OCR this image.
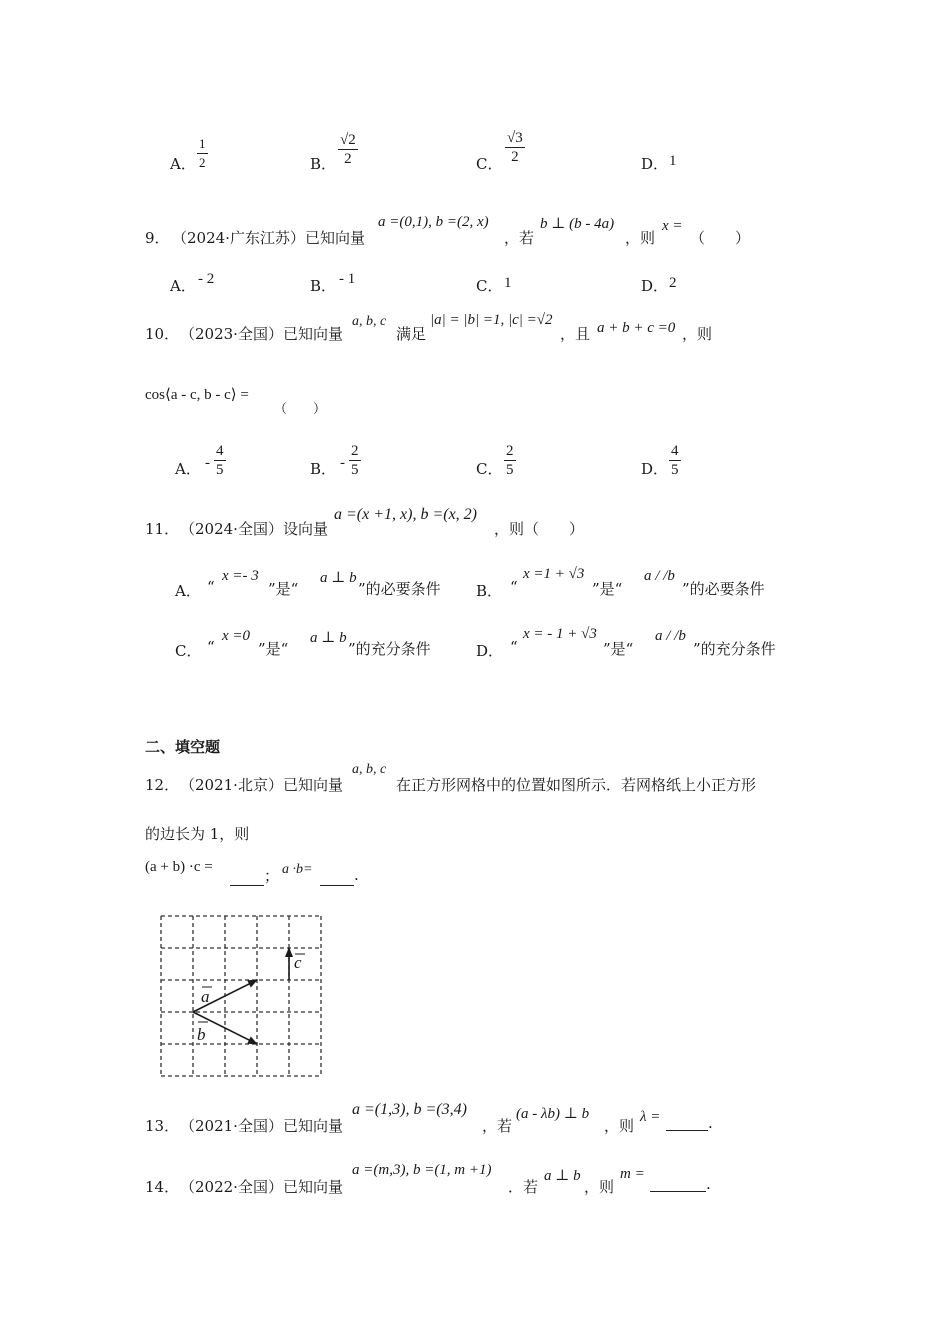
A． $\frac{1}{2}$	B． $\frac{√2}{2}$	C． $\frac{√3}{2}$	D． 1
9． （2024·广东江苏）已知向量
a =(0,1), b =(2, x)
，若
b ⊥ (b - 4a)
，则
x =
（　　）
A． - 2	B． - 1	C． 1	D． 2
10． （2023·全国）已知向量
a, b, c
满足
|a| = |b| =1, |c| =√2
，且 a + b + c =0 ，则
cos⟨a - c, b - c⟩ =
（　　）
A． - $\frac{4}{5}$	B． - $\frac{2}{5}$	C． $\frac{2}{5}$	D． $\frac{4}{5}$
11． （2024·全国）设向量
a =(x +1, x), b =(x, 2)
，则（　　）
A． “
x =- 3
”是“
a ⊥ b
”的必要条件 B． “
x =1 + √3
”是“
a / /b
”的必要条件
C． “
x =0
”是“
a ⊥ b
”的充分条件	D． “
x = - 1 + √3
”是“
a / /b
”的充分条件
二、填空题
12． （2021·北京）已知向量
a, b, c
在正方形网格中的位置如图所示．若网格纸上小正方形
的边长为 1，则
(a + b) ·c =	； a ·b=	.
a
b
c
13． （2021·全国）已知向量
a =(1,3), b =(3,4)
，若
(a - λb) ⊥ b
，则 λ =	.
14． （2022·全国）已知向量
a =(m,3), b =(1, m +1)
．若
a ⊥ b
，则
m =
.
